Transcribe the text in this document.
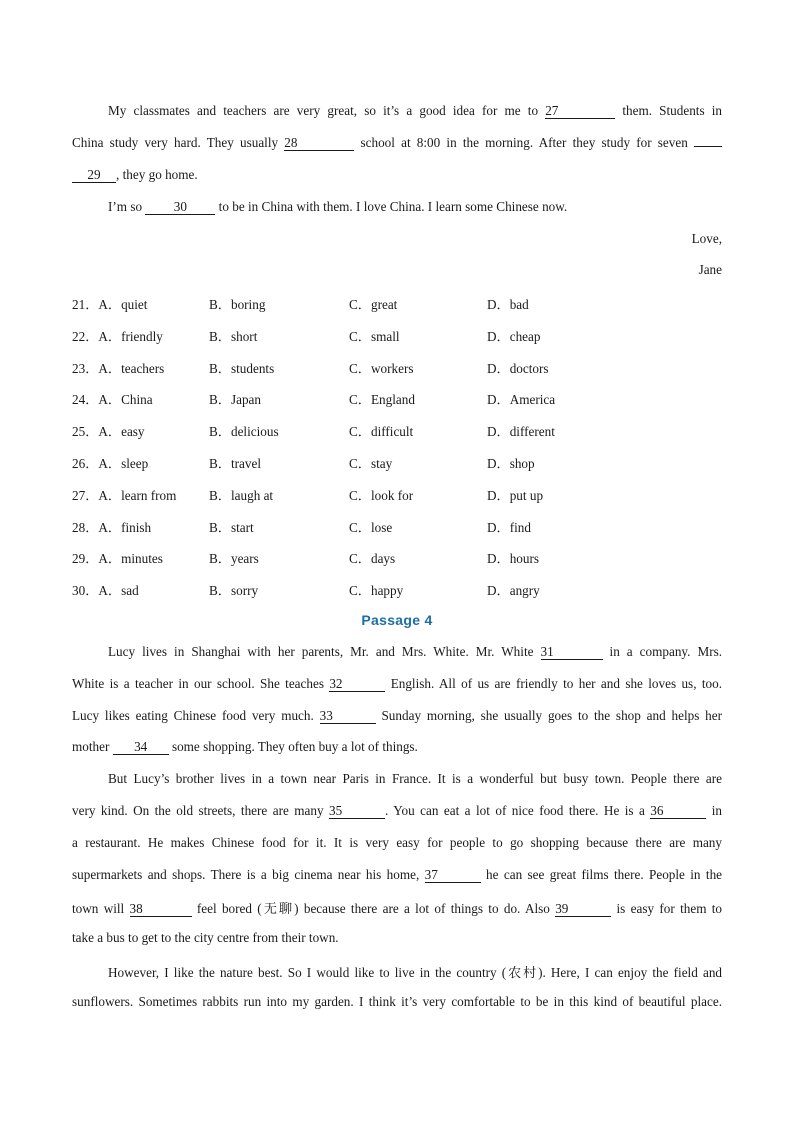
My classmates and teachers are very great, so it’s a good idea for me to 27	them. Students in
China study very hard. They usually 28	school at 8:00 in the morning. After they study for seven
29 , they go home.
I’m so 30 to be in China with them. I love China. I learn some Chinese now.
Love,
Jane
21．A．quiet	B．boring	C．great	D．bad
22．A．friendly	B．short	C．small	D．cheap
23．A．teachers	B．students	C．workers	D．doctors
24．A．China	B．Japan	C．England	D．America
25．A．easy	B．delicious	C．difficult	D．different
26．A．sleep	B．travel	C．stay	D．shop
27．A．learn from B．laugh at	C．look for	D．put up
28．A．finish	B．start	C．lose	D．find
29．A．minutes	B．years	C．days	D．hours
30．A．sad	B．sorry	C．happy	D．angry
Passage 4
Lucy lives in Shanghai with her parents, Mr. and Mrs. White. Mr. White 31	in a company. Mrs.
White is a teacher in our school. She teaches 32	English. All of us are friendly to her and she loves us, too.
Lucy likes eating Chinese food very much. 33	Sunday morning, she usually goes to the shop and helps her
mother 34 some shopping. They often buy a lot of things.
But Lucy’s brother lives in a town near Paris in France. It is a wonderful but busy town. People there are
very kind. On the old streets, there are many 35	. You can eat a lot of nice food there. He is a 36	in
a restaurant. He makes Chinese food for it. It is very easy for people to go shopping because there are many
supermarkets and shops. There is a big cinema near his home, 37	he can see great films there. People in the
town will 38	feel bored (无聊) because there are a lot of things to do. Also 39	is easy for them to
take a bus to get to the city centre from their town.
However, I like the nature best. So I would like to live in the country (农村). Here, I can enjoy the field and
sunflowers. Sometimes rabbits run into my garden. I think it’s very comfortable to be in this kind of beautiful place.
